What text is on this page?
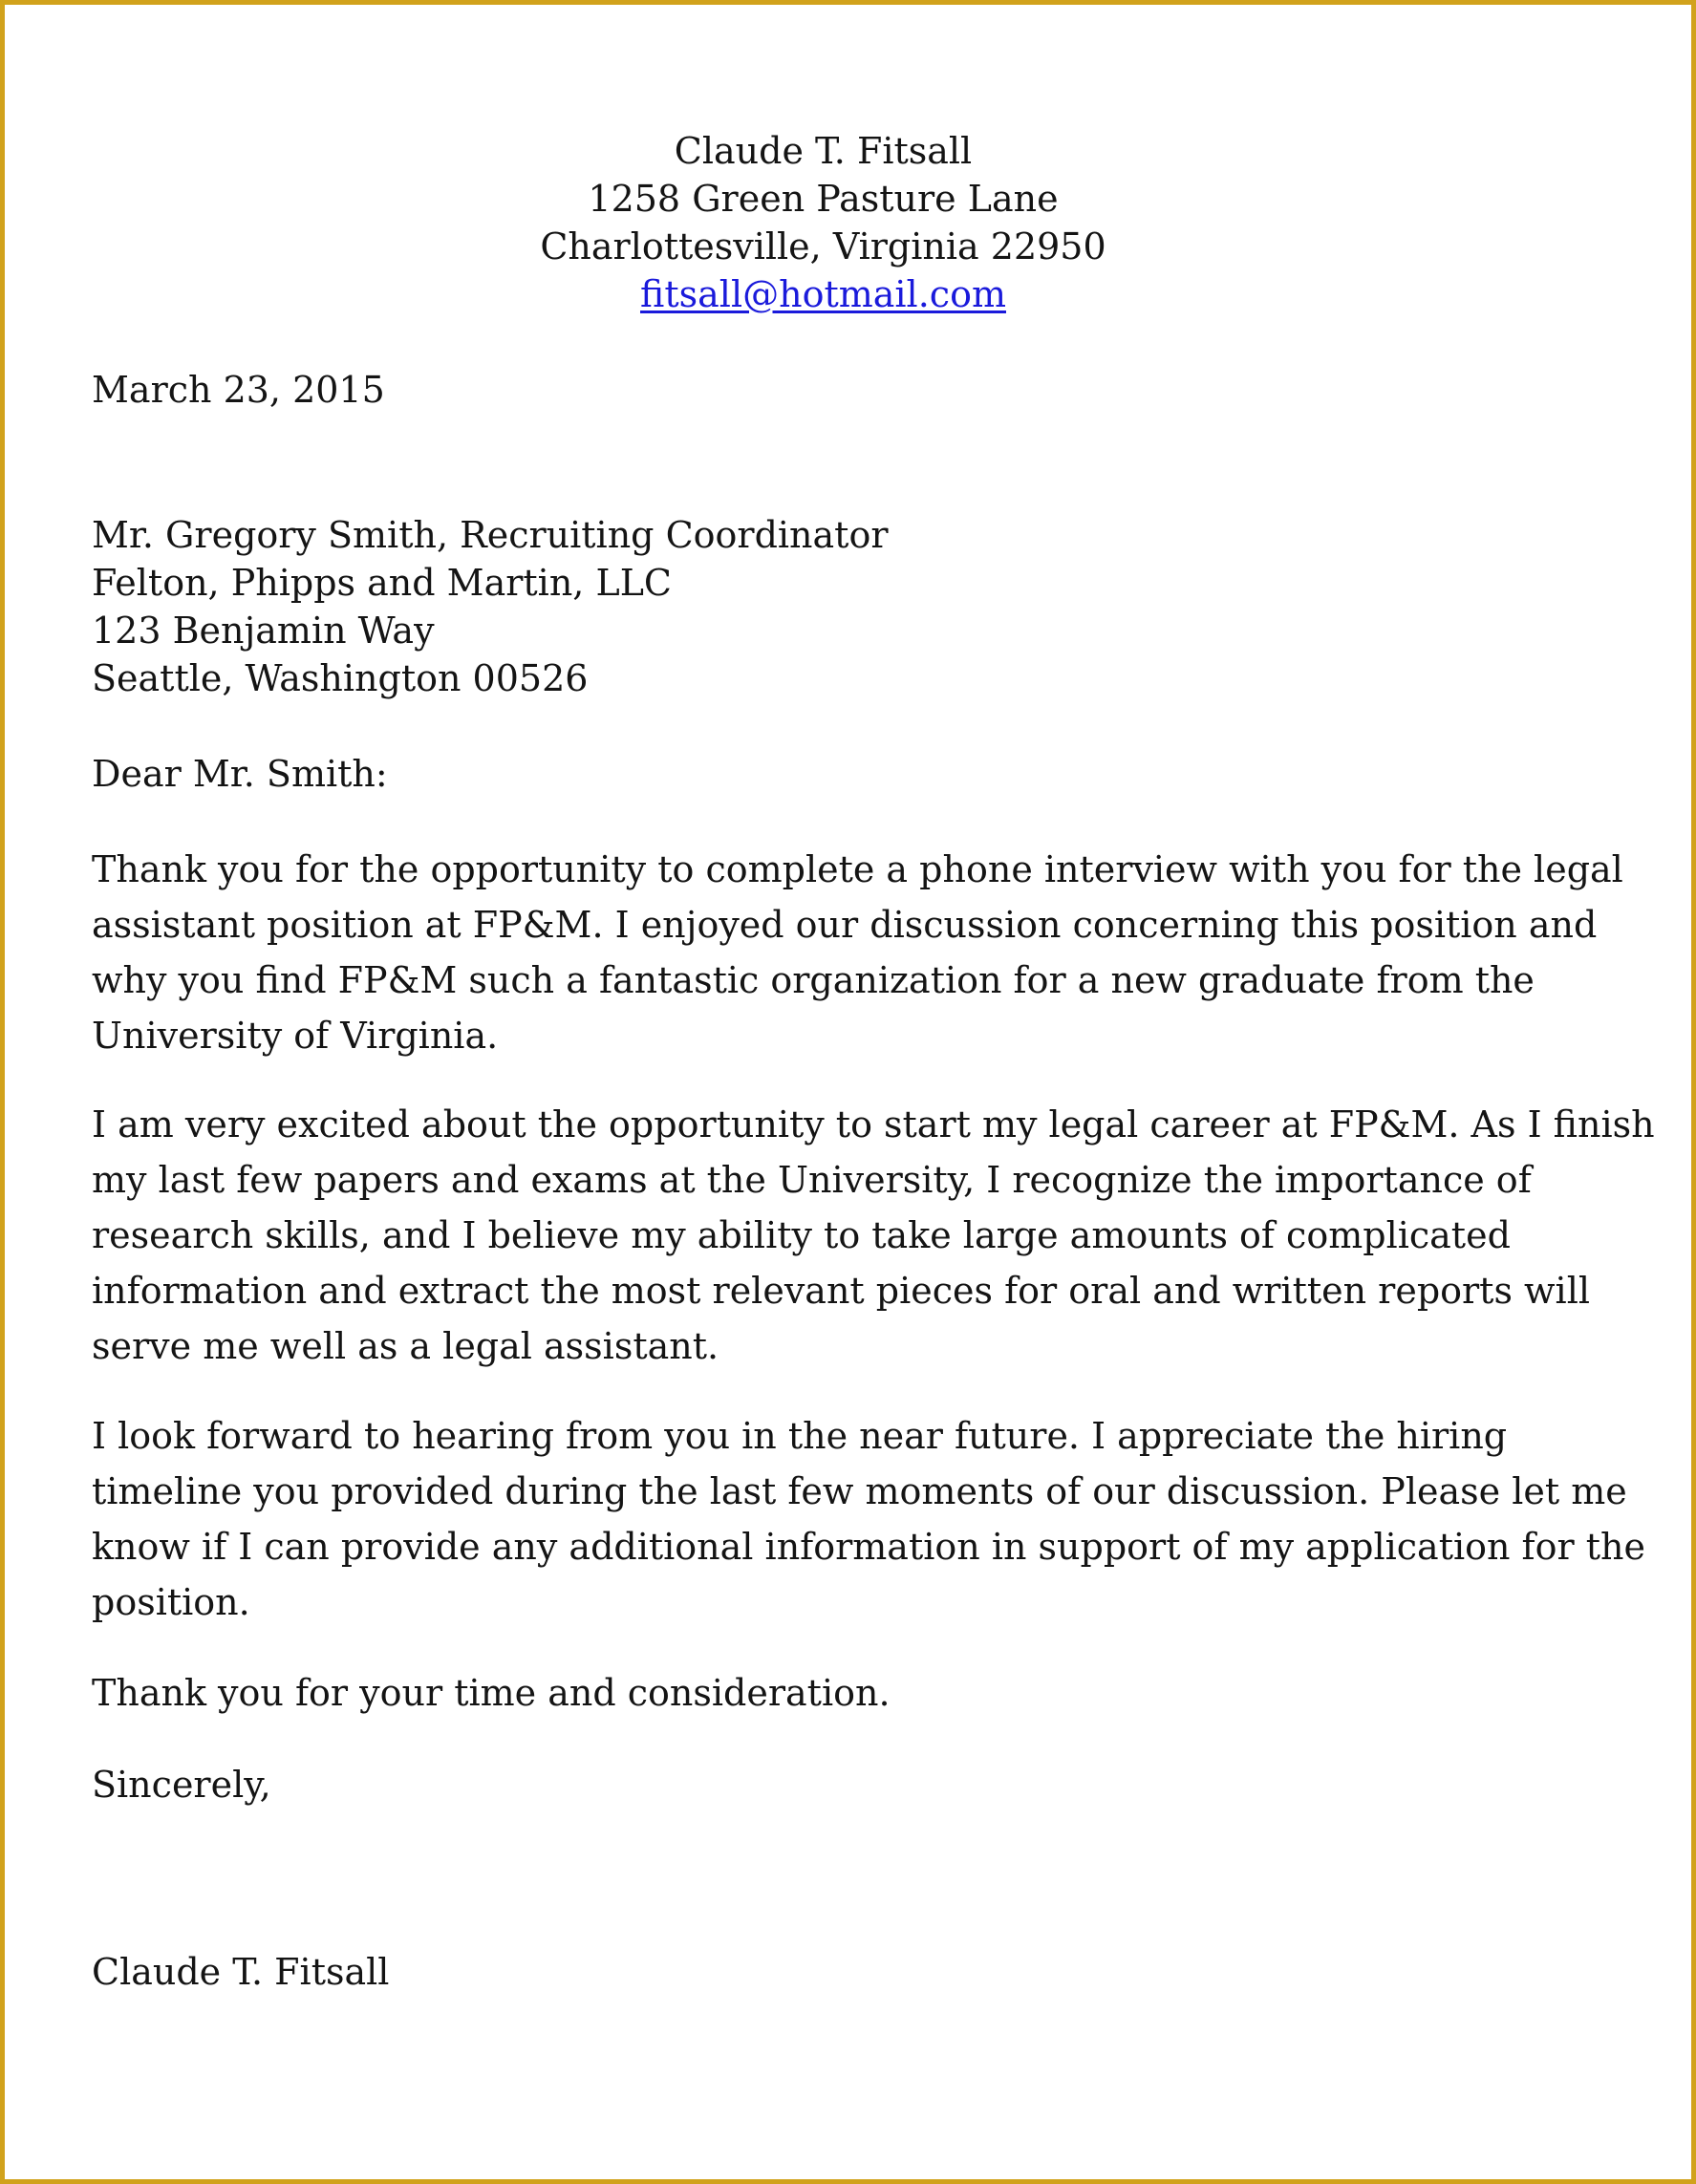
Claude T. Fitsall
1258 Green Pasture Lane
Charlottesville, Virginia 22950
fitsall@hotmail.com
March 23, 2015
Mr. Gregory Smith, Recruiting Coordinator
Felton, Phipps and Martin, LLC
123 Benjamin Way
Seattle, Washington 00526
Dear Mr. Smith:
Thank you for the opportunity to complete a phone interview with you for the legal
assistant position at FP&M. I enjoyed our discussion concerning this position and
why you find FP&M such a fantastic organization for a new graduate from the
University of Virginia.
I am very excited about the opportunity to start my legal career at FP&M. As I finish
my last few papers and exams at the University, I recognize the importance of
research skills, and I believe my ability to take large amounts of complicated
information and extract the most relevant pieces for oral and written reports will
serve me well as a legal assistant.
I look forward to hearing from you in the near future. I appreciate the hiring
timeline you provided during the last few moments of our discussion. Please let me
know if I can provide any additional information in support of my application for the
position.
Thank you for your time and consideration.
Sincerely,
Claude T. Fitsall
